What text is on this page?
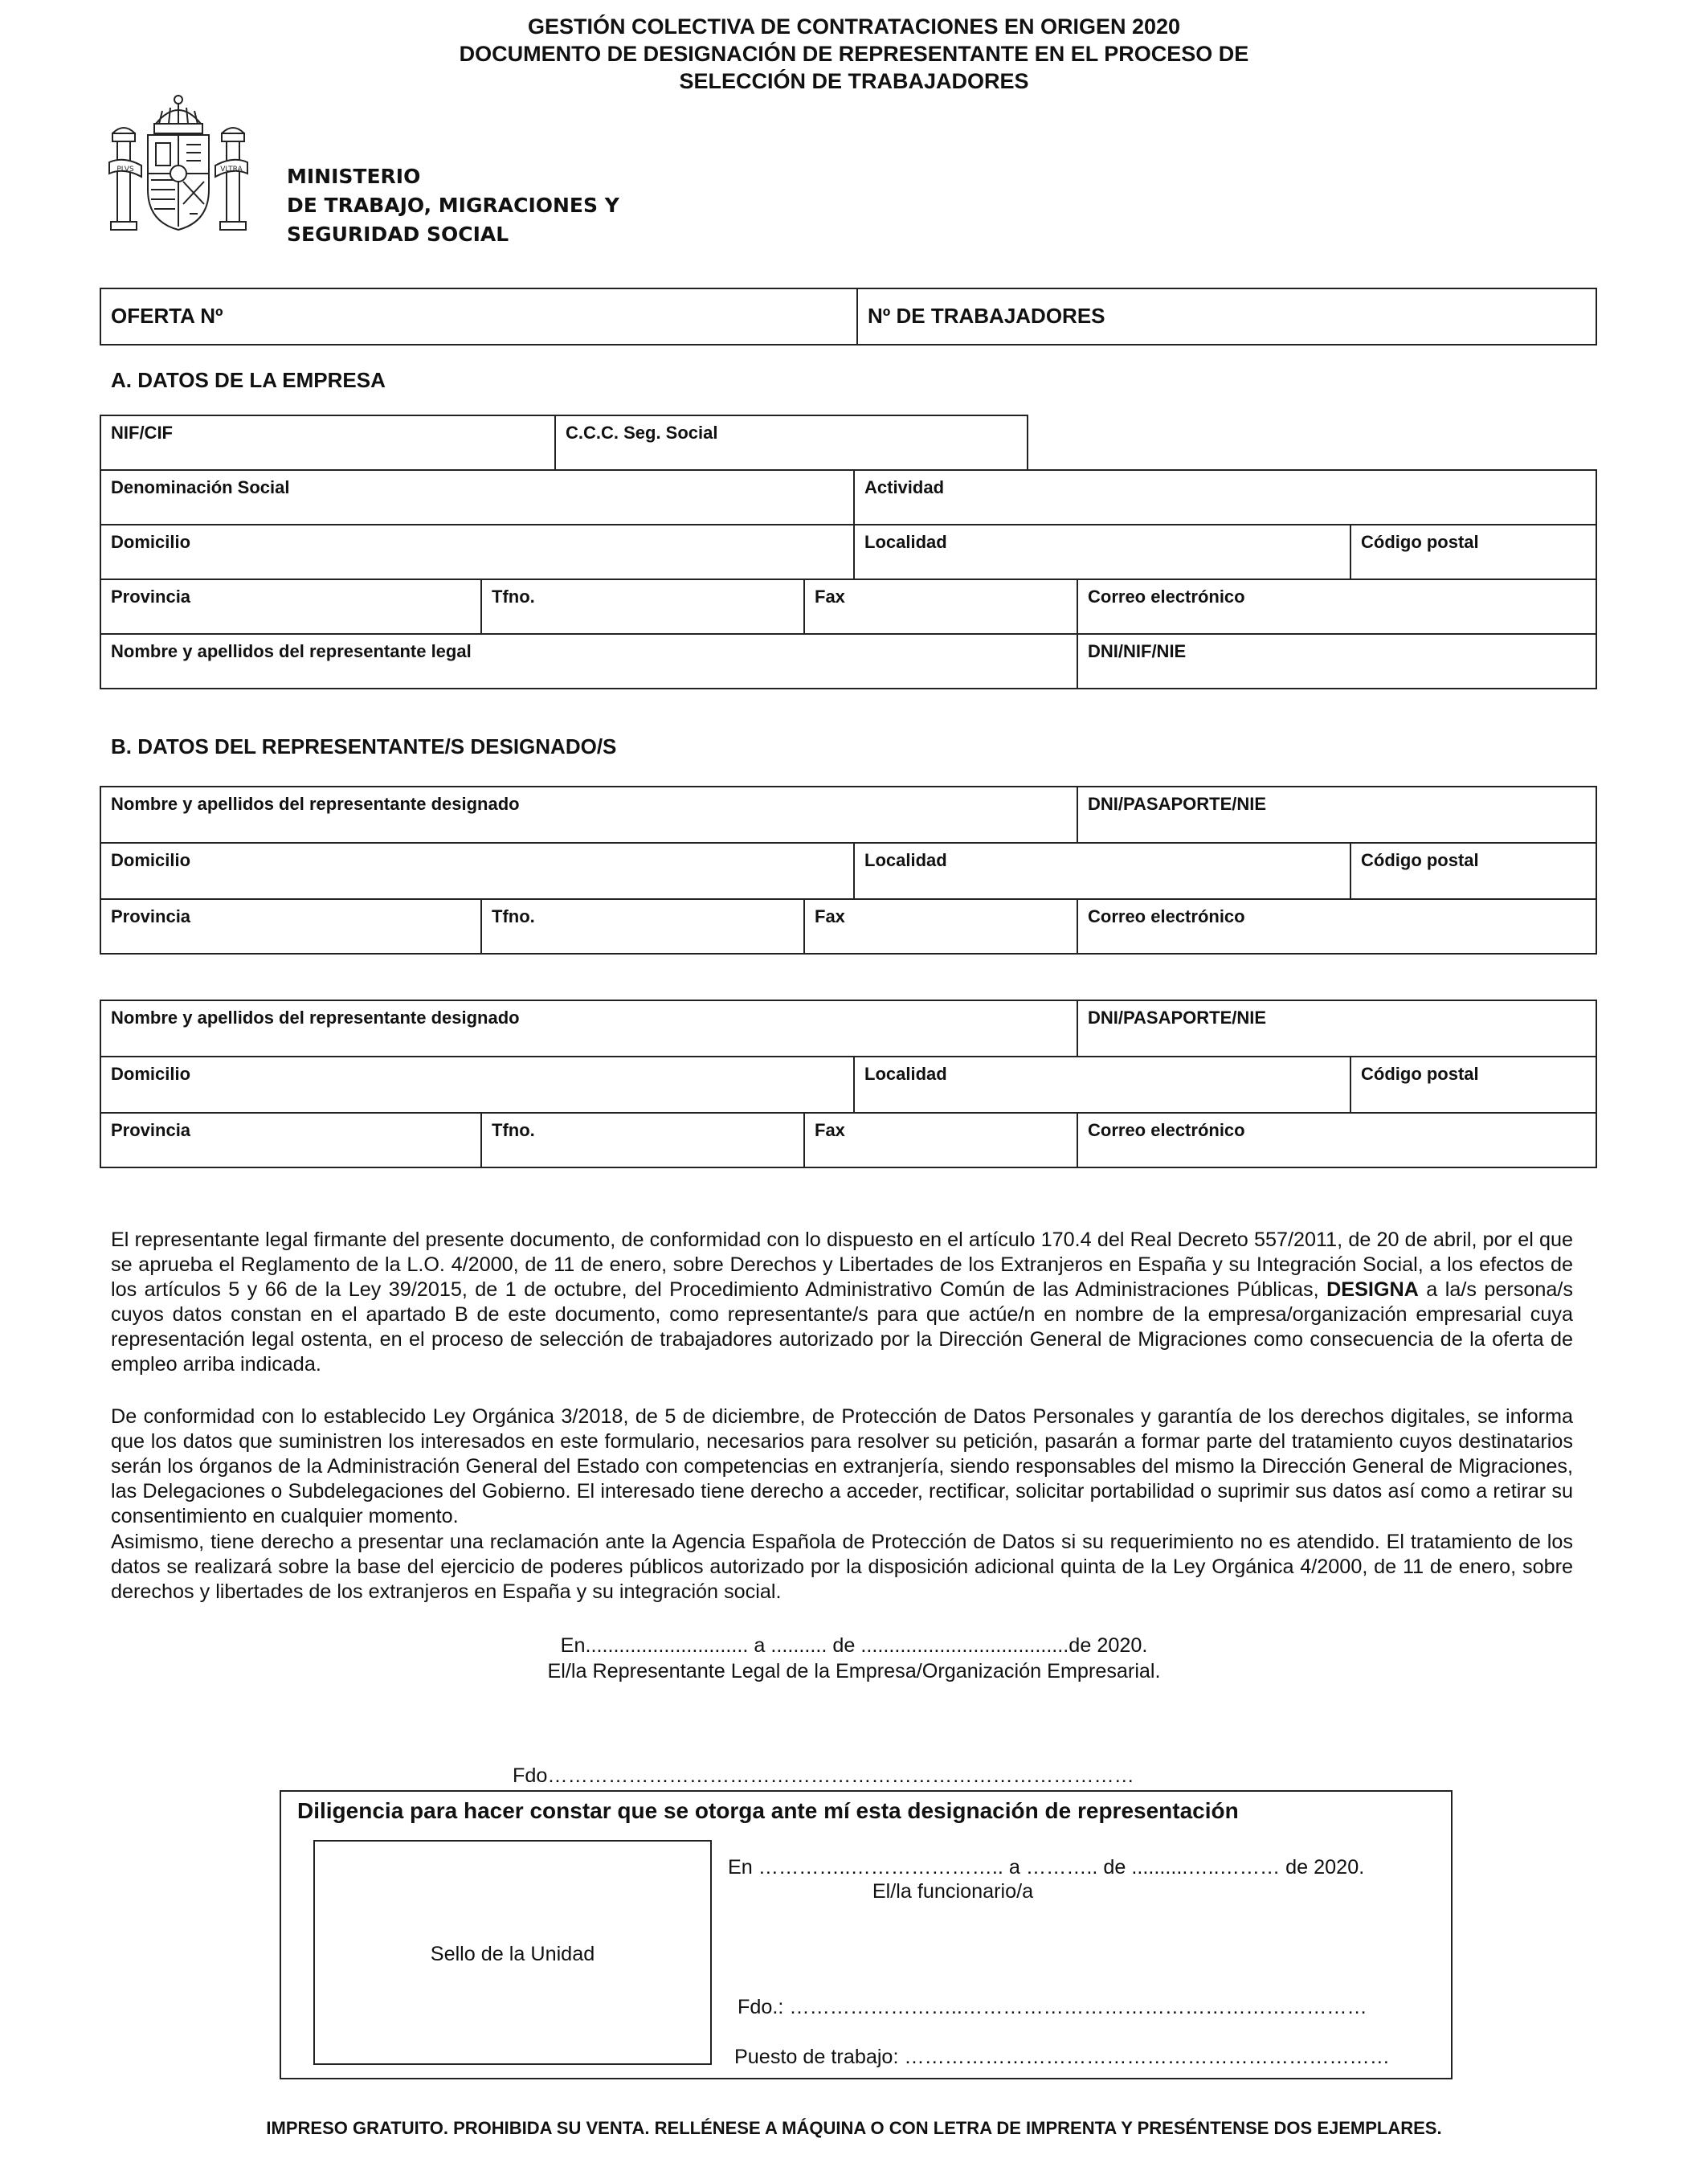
GESTIÓN COLECTIVA DE CONTRATACIONES EN ORIGEN 2020
DOCUMENTO DE DESIGNACIÓN DE REPRESENTANTE EN EL PROCESO DE
SELECCIÓN DE TRABAJADORES
PLVS	VLTRA MINISTERIO
DE TRABAJO, MIGRACIONES Y
SEGURIDAD SOCIAL
OFERTA Nº	Nº DE TRABAJADORES
A. DATOS DE LA EMPRESA
NIF/CIF	C.C.C. Seg. Social
Denominación Social	Actividad
Domicilio	Localidad	Código postal
Provincia	Tfno.	Fax	Correo electrónico
Nombre y apellidos del representante legal	DNI/NIF/NIE
B. DATOS DEL REPRESENTANTE/S DESIGNADO/S
Nombre y apellidos del representante designado	DNI/PASAPORTE/NIE
Domicilio	Localidad	Código postal
Provincia	Tfno.	Fax	Correo electrónico
Nombre y apellidos del representante designado	DNI/PASAPORTE/NIE
Domicilio	Localidad	Código postal
Provincia	Tfno.	Fax	Correo electrónico
El representante legal firmante del presente documento, de conformidad con lo dispuesto en el artículo 170.4 del Real Decreto 557/2011, de 20 de abril, por el que se aprueba el Reglamento de la L.O. 4/2000, de 11 de enero, sobre Derechos y Libertades de los Extranjeros en España y su Integración Social, a los efectos de los artículos 5 y 66 de la Ley 39/2015, de 1 de octubre, del Procedimiento Administrativo Común de las Administraciones Públicas, DESIGNA a la/s persona/s cuyos datos constan en el apartado B de este documento, como representante/s para que actúe/n en nombre de la empresa/organización empresarial cuya representación legal ostenta, en el proceso de selección de trabajadores autorizado por la Dirección General de Migraciones como consecuencia de la oferta de empleo arriba indicada.
De conformidad con lo establecido Ley Orgánica 3/2018, de 5 de diciembre, de Protección de Datos Personales y garantía de los derechos digitales, se informa que los datos que suministren los interesados en este formulario, necesarios para resolver su petición, pasarán a formar parte del tratamiento cuyos destinatarios serán los órganos de la Administración General del Estado con competencias en extranjería, siendo responsables del mismo la Dirección General de Migraciones, las Delegaciones o Subdelegaciones del Gobierno. El interesado tiene derecho a acceder, rectificar, solicitar portabilidad o suprimir sus datos así como a retirar su consentimiento en cualquier momento.
Asimismo, tiene derecho a presentar una reclamación ante la Agencia Española de Protección de Datos si su requerimiento no es atendido. El tratamiento de los datos se realizará sobre la base del ejercicio de poderes públicos autorizado por la disposición adicional quinta de la Ley Orgánica 4/2000, de 11 de enero, sobre derechos y libertades de los extranjeros en España y su integración social.
En............................. a .......... de .....................................de 2020.
El/la Representante Legal de la Empresa/Organización Empresarial.
Fdo……………………………………………………………………………
Diligencia para hacer constar que se otorga ante mí esta designación de representación
Sello de la Unidad
En …………..………………….. a ……….. de ..........…..……… de 2020.
El/la funcionario/a
Fdo.: ……………………..……………………………………………………
Puesto de trabajo: ………………………………………………………………
IMPRESO GRATUITO. PROHIBIDA SU VENTA. RELLÉNESE A MÁQUINA O CON LETRA DE IMPRENTA Y PRESÉNTENSE DOS EJEMPLARES.
